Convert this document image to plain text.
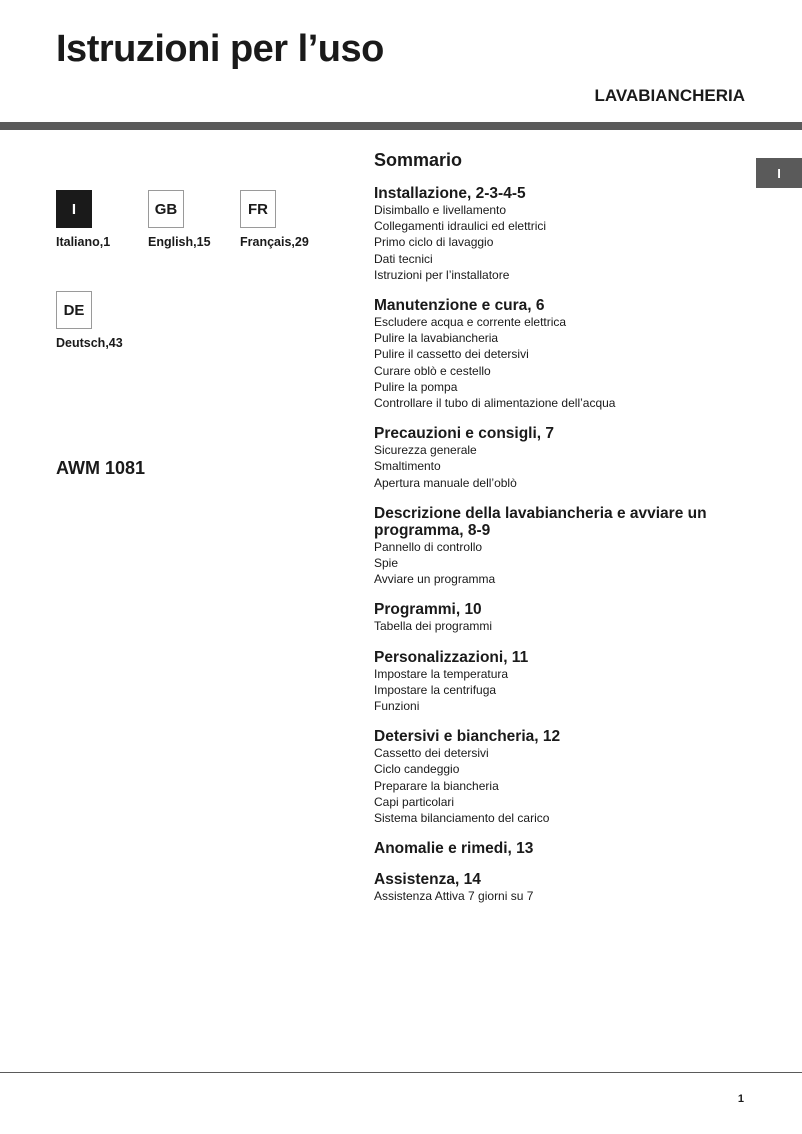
Istruzioni per l’uso
LAVABIANCHERIA
I
I
Italiano,1
GB
English,15
FR
Français,29
DE
Deutsch,43
AWM 1081
Sommario
Installazione, 2-3-4-5
Disimballo e livellamento
Collegamenti idraulici ed elettrici
Primo ciclo di lavaggio
Dati tecnici
Istruzioni per l’installatore
Manutenzione e cura, 6
Escludere acqua e corrente elettrica
Pulire la lavabiancheria
Pulire il cassetto dei detersivi
Curare oblò e cestello
Pulire la pompa
Controllare il tubo di alimentazione dell’acqua
Precauzioni e consigli, 7
Sicurezza generale
Smaltimento
Apertura manuale dell’oblò
Descrizione della lavabiancheria e avviare un programma, 8-9
Pannello di controllo
Spie
Avviare un programma
Programmi, 10
Tabella dei programmi
Personalizzazioni, 11
Impostare la temperatura
Impostare la centrifuga
Funzioni
Detersivi e biancheria, 12
Cassetto dei detersivi
Ciclo candeggio
Preparare la biancheria
Capi particolari
Sistema bilanciamento del carico
Anomalie e rimedi, 13
Assistenza, 14
Assistenza Attiva 7 giorni su 7
1
